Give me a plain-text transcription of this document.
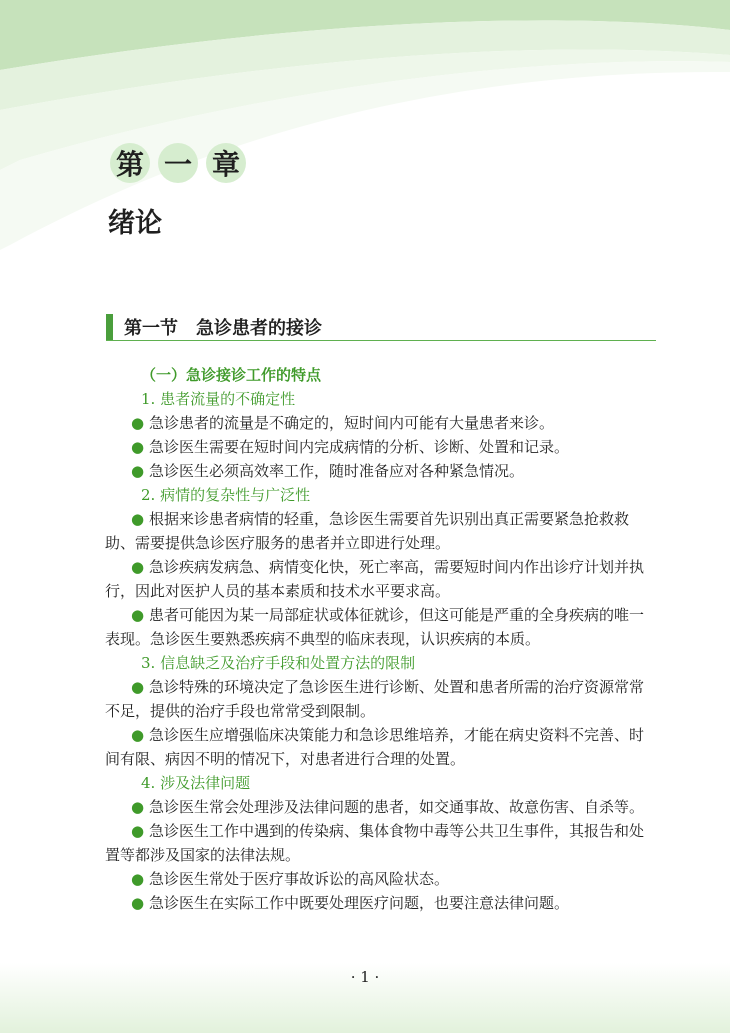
第 一 章
绪论
第一节　急诊患者的接诊
（一）急诊接诊工作的特点
1. 患者流量的不确定性
● 急诊患者的流量是不确定的，短时间内可能有大量患者来诊。
● 急诊医生需要在短时间内完成病情的分析、诊断、处置和记录。
● 急诊医生必须高效率工作，随时准备应对各种紧急情况。
2. 病情的复杂性与广泛性
● 根据来诊患者病情的轻重，急诊医生需要首先识别出真正需要紧急抢救救助、需要提供急诊医疗服务的患者并立即进行处理。
● 急诊疾病发病急、病情变化快，死亡率高，需要短时间内作出诊疗计划并执行，因此对医护人员的基本素质和技术水平要求高。
● 患者可能因为某一局部症状或体征就诊，但这可能是严重的全身疾病的唯一表现。急诊医生要熟悉疾病不典型的临床表现，认识疾病的本质。
3. 信息缺乏及治疗手段和处置方法的限制
● 急诊特殊的环境决定了急诊医生进行诊断、处置和患者所需的治疗资源常常不足，提供的治疗手段也常常受到限制。
● 急诊医生应增强临床决策能力和急诊思维培养，才能在病史资料不完善、时间有限、病因不明的情况下，对患者进行合理的处置。
4. 涉及法律问题
● 急诊医生常会处理涉及法律问题的患者，如交通事故、故意伤害、自杀等。
● 急诊医生工作中遇到的传染病、集体食物中毒等公共卫生事件，其报告和处置等都涉及国家的法律法规。
● 急诊医生常处于医疗事故诉讼的高风险状态。
● 急诊医生在实际工作中既要处理医疗问题，也要注意法律问题。
· 1 ·
